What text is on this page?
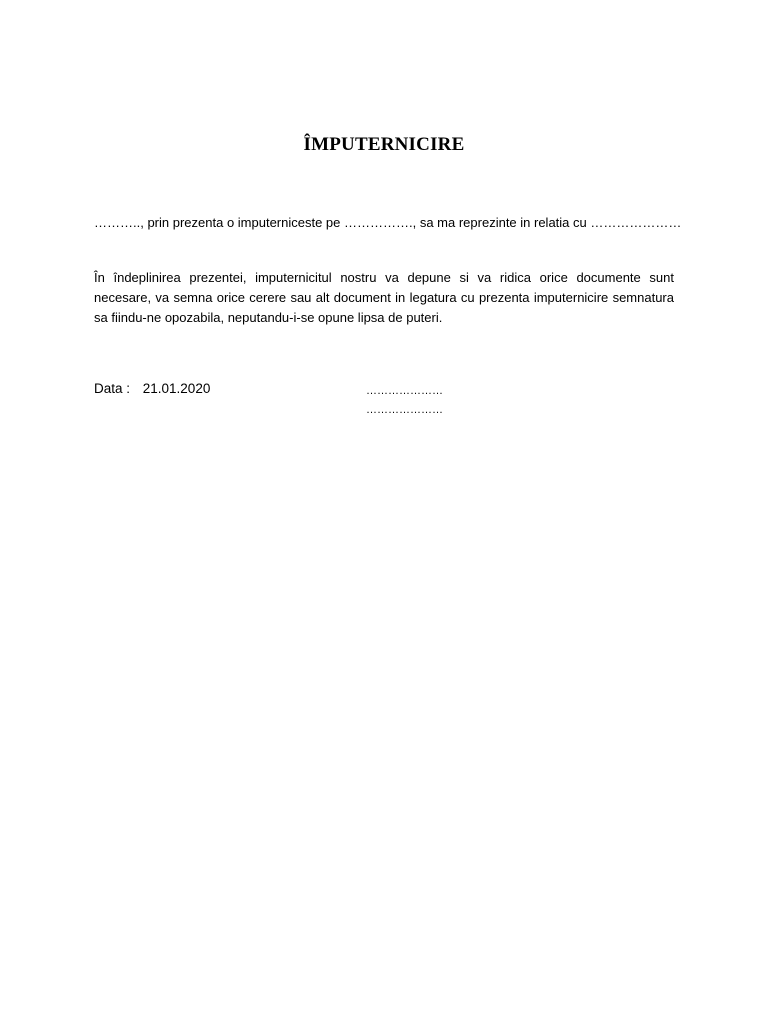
ÎMPUTERNICIRE
……….., prin prezenta o imputerniceste pe ……………., sa ma reprezinte in relatia cu …………………
În îndeplinirea prezentei, imputernicitul nostru va depune si va ridica orice documente sunt necesare, va semna orice cerere sau alt document in legatura cu prezenta imputernicire semnatura sa fiindu-ne opozabila, neputandu-i-se opune lipsa de puteri.
Data : 21.01.2020	…………………
…………………
